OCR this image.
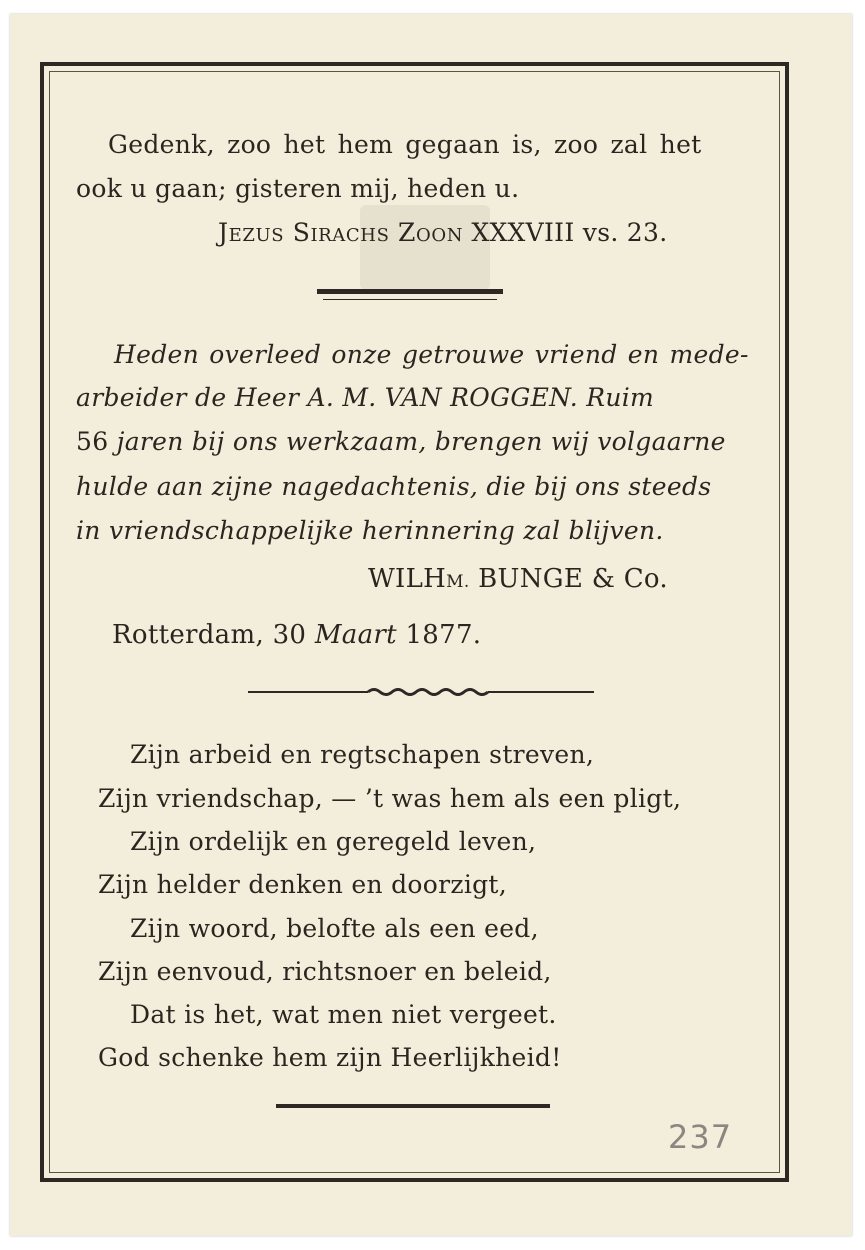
Gedenk, zoo het hem gegaan is, zoo zal het
ook u gaan; gisteren mij, heden u.
Jezus Sirachs Zoon XXXVIII vs. 23.
Heden overleed onze getrouwe vriend en mede-
arbeider de Heer A. M. VAN ROGGEN. Ruim
56 jaren bij ons werkzaam, brengen wij volgaarne
hulde aan zijne nagedachtenis, die bij ons steeds
in vriendschappelijke herinnering zal blijven.
WILHM. BUNGE & Co.
Rotterdam, 30 Maart 1877.
Zijn arbeid en regtschapen streven,
Zijn vriendschap, — ’t was hem als een pligt,
Zijn ordelijk en geregeld leven,
Zijn helder denken en doorzigt,
Zijn woord, belofte als een eed,
Zijn eenvoud, richtsnoer en beleid,
Dat is het, wat men niet vergeet.
God schenke hem zijn Heerlijkheid!
237
